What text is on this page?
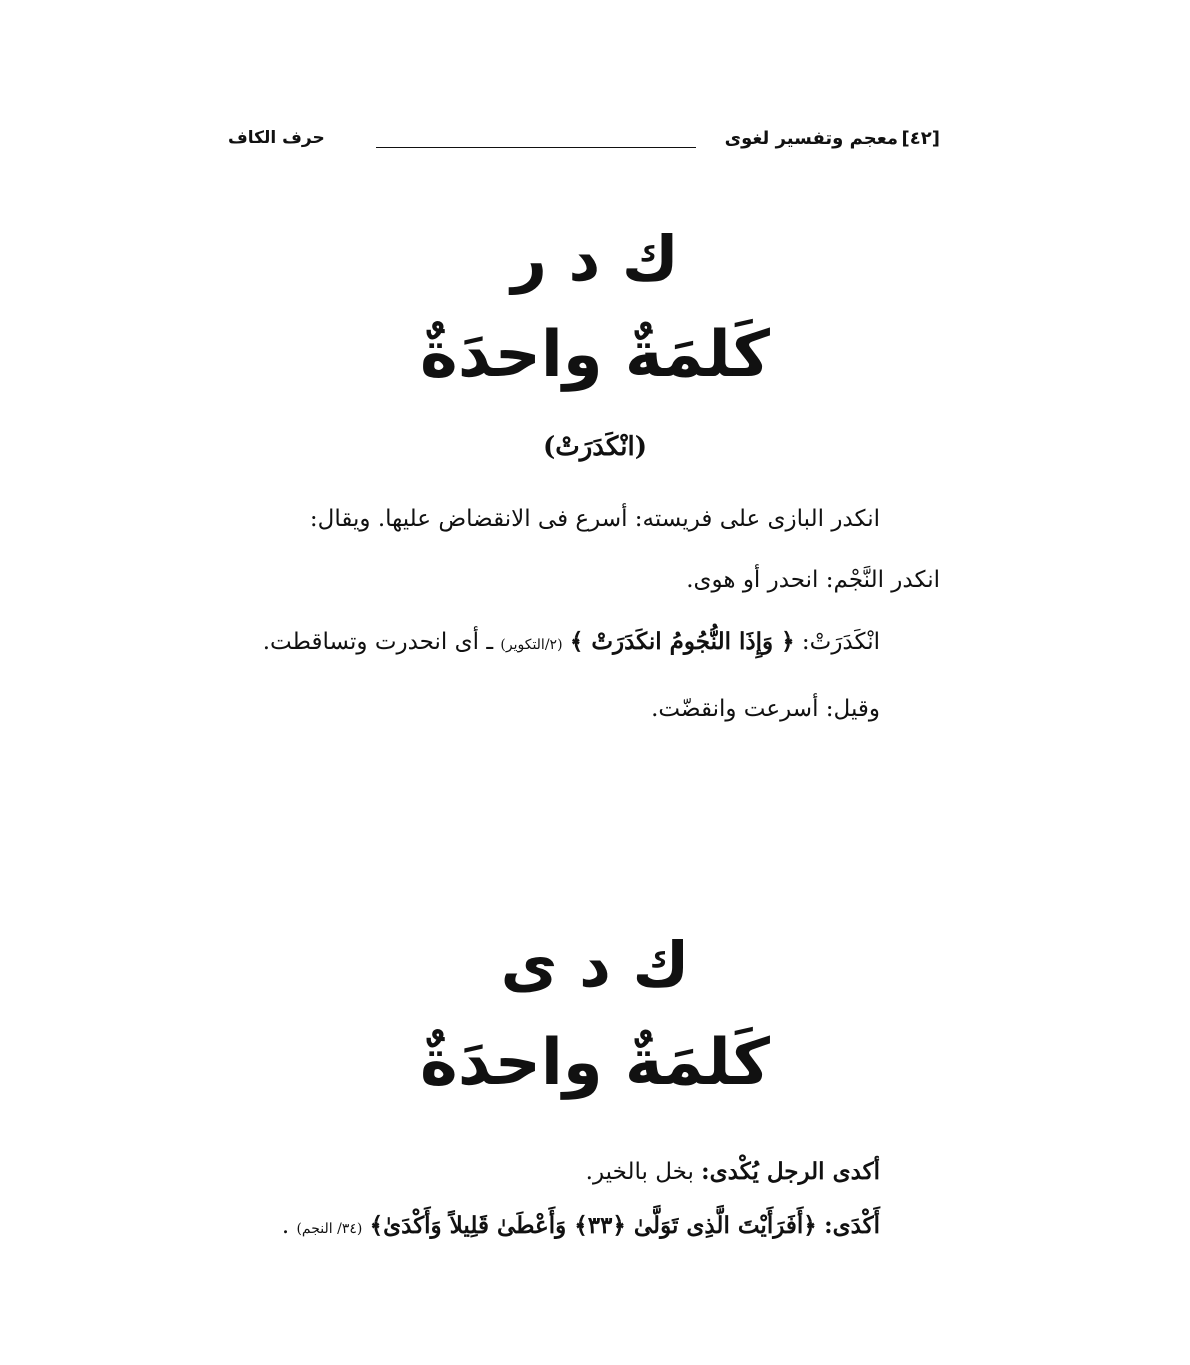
[٤٢]
معجم وتفسير لغوى
حرف الكاف
ك د ر
كَلمَةٌ واحدَةٌ
(انْكَدَرَتْ)
انكدر البازى على فريسته: أسرع فى الانقضاض عليها. ويقال:
انكدر النَّجْم: انحدر أو هوى.
انْكَدَرَتْ: ﴿ وَإِذَا النُّجُومُ انكَدَرَتْ ﴾ (٢/التكوير) ـ أى انحدرت وتساقطت.
وقيل: أسرعت وانقضّت.
ك د ى
كَلمَةٌ واحدَةٌ
أكدى الرجل يُكْدى: بخل بالخير.
أَكْدَى: ﴿أَفَرَأَيْتَ الَّذِى تَوَلَّىٰ ﴿٣٣﴾ وَأَعْطَىٰ قَلِيلاً وَأَكْدَىٰ﴾ (٣٤/ النجم) .
